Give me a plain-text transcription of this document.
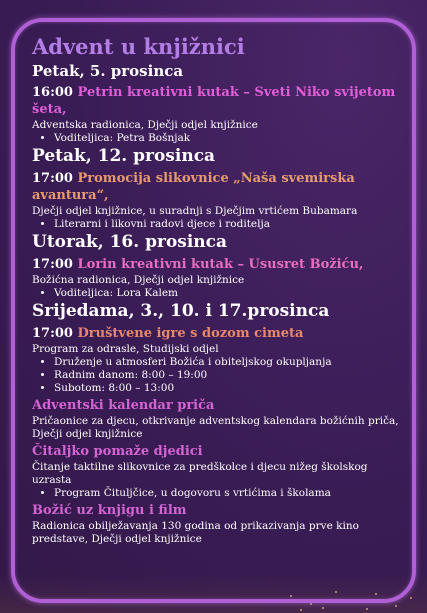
Advent u knjižnici

Petak, 5. prosinca

16:00 Petrin kreativni kutak – Sveti Niko svijetom šeta,

Adventska radionica, Dječji odjel knjižnice

• Voditeljica: Petra Bošnjak

Petak, 12. prosinca

17:00 Promocija slikovnice „Naša svemirska avantura“,

Dječji odjel knjižnice, u suradnji s Dječjim vrtićem Bubamara

• Literarni i likovni radovi djece i roditelja

Utorak, 16. prosinca

17:00 Lorin kreativni kutak – Ususret Božiću,

Božićna radionica, Dječji odjel knjižnice

• Voditeljica: Lora Kalem

Srijedama, 3., 10. i 17.prosinca

17:00 Društvene igre s dozom cimeta

Program za odrasle, Studijski odjel

• Druženje u atmosferi Božića i obiteljskog okupljanja
• Radnim danom: 8:00 – 19:00
• Subotom: 8:00 – 13:00

Adventski kalendar priča

Pričaonice za djecu, otkrivanje adventskog kalendara božićnih priča, Dječji odjel knjižnice

Čitaljko pomaže djedici

Čitanje taktilne slikovnice za predškolce i djecu nižeg školskog uzrasta

• Program Čituljčice, u dogovoru s vrtićima i školama

Božić uz knjigu i film

Radionica obilježavanja 130 godina od prikazivanja prve kino predstave, Dječji odjel knjižnice
